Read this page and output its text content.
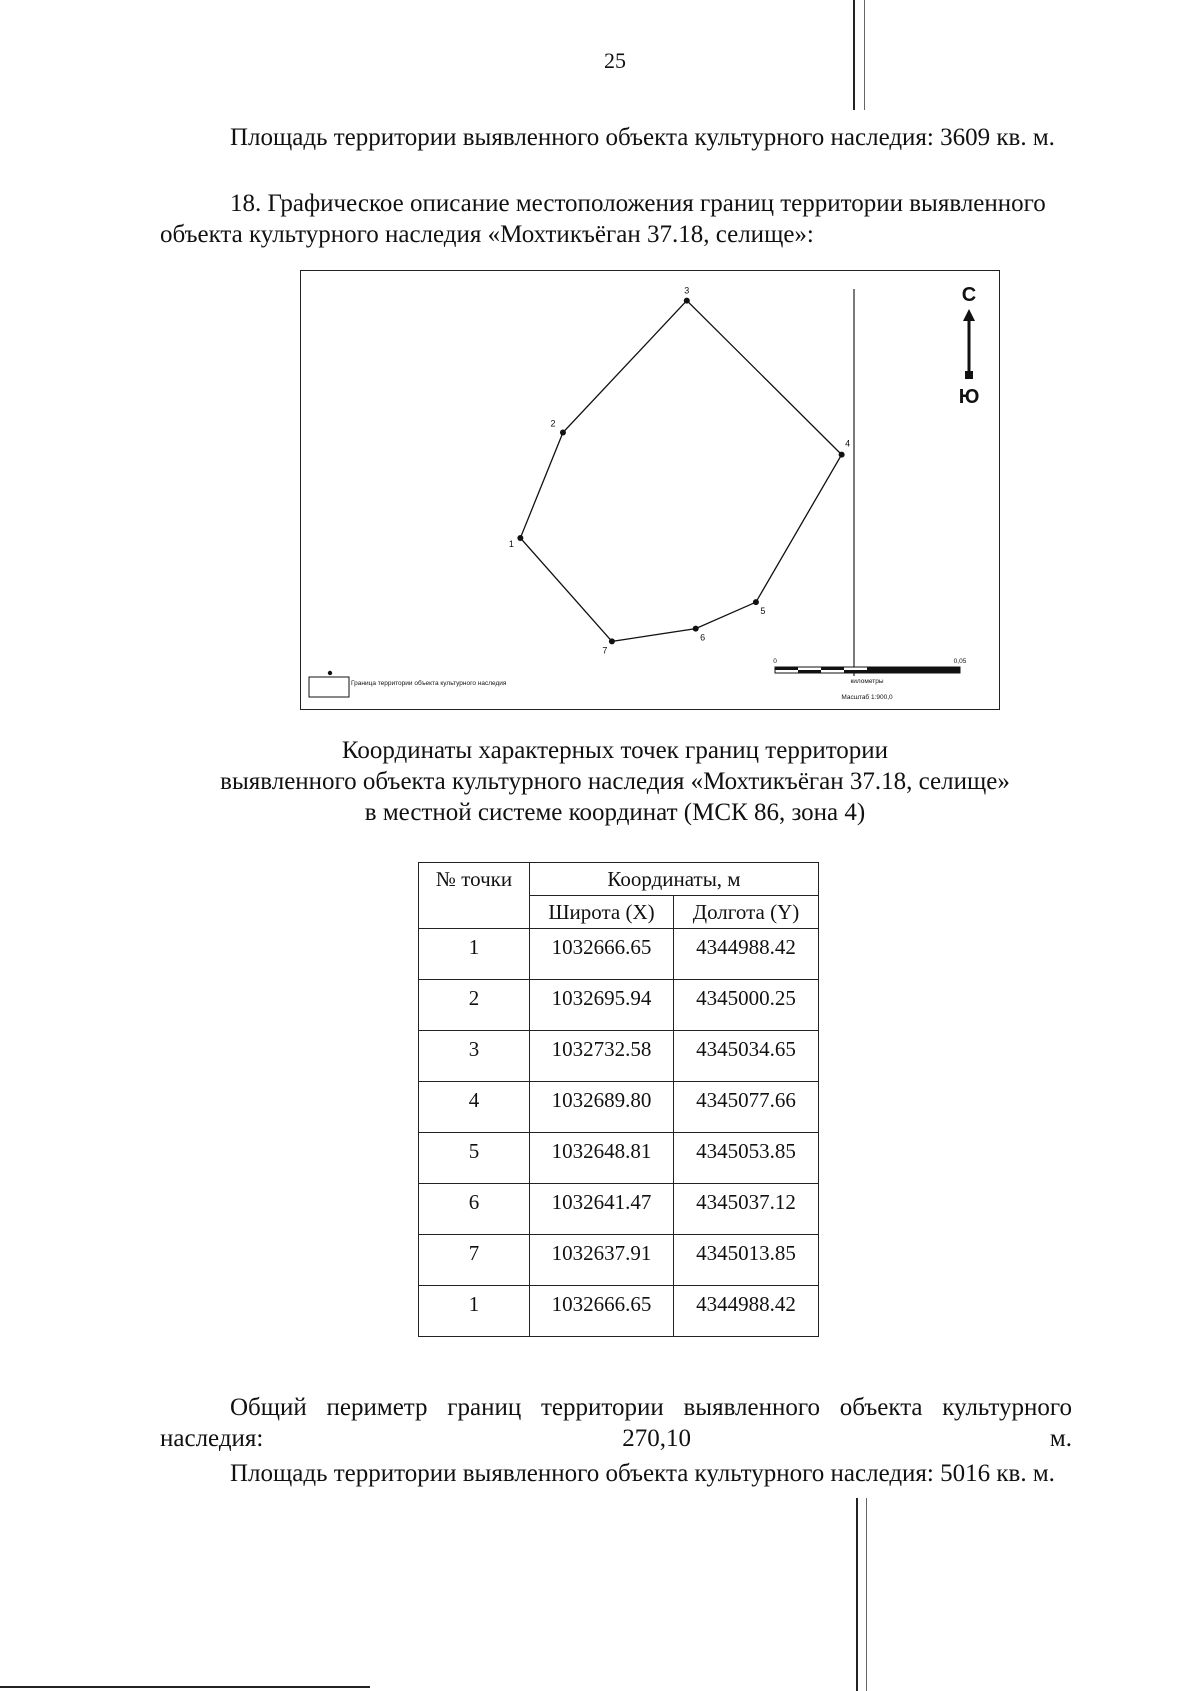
25

Площадь территории выявленного объекта культурного наследия: 3609 кв. м.

18. Графическое описание местоположения границ территории выявленного объекта культурного наследия «Мохтикъёган 37.18, селище»:

1
2
3
4
5
6
7
С
Ю
Граница территории объекта культурного наследия
0	0,05
километры
Масштаб 1:900,0
Координаты характерных точек границ территории
выявленного объекта культурного наследия «Мохтикъёган 37.18, селище»
в местной системе координат (МСК 86, зона 4)
№ точки	Координаты, м	
	Широта (X)	Долгота (Y)
1	1032666.65	4344988.42
2	1032695.94	4345000.25
3	1032732.58	4345034.65
4	1032689.80	4345077.66
5	1032648.81	4345053.85
6	1032641.47	4345037.12
7	1032637.91	4345013.85
1	1032666.65	4344988.42

Общий периметр границ территории выявленного объекта культурного наследия: 270,10 м.

Площадь территории выявленного объекта культурного наследия: 5016 кв. м.
